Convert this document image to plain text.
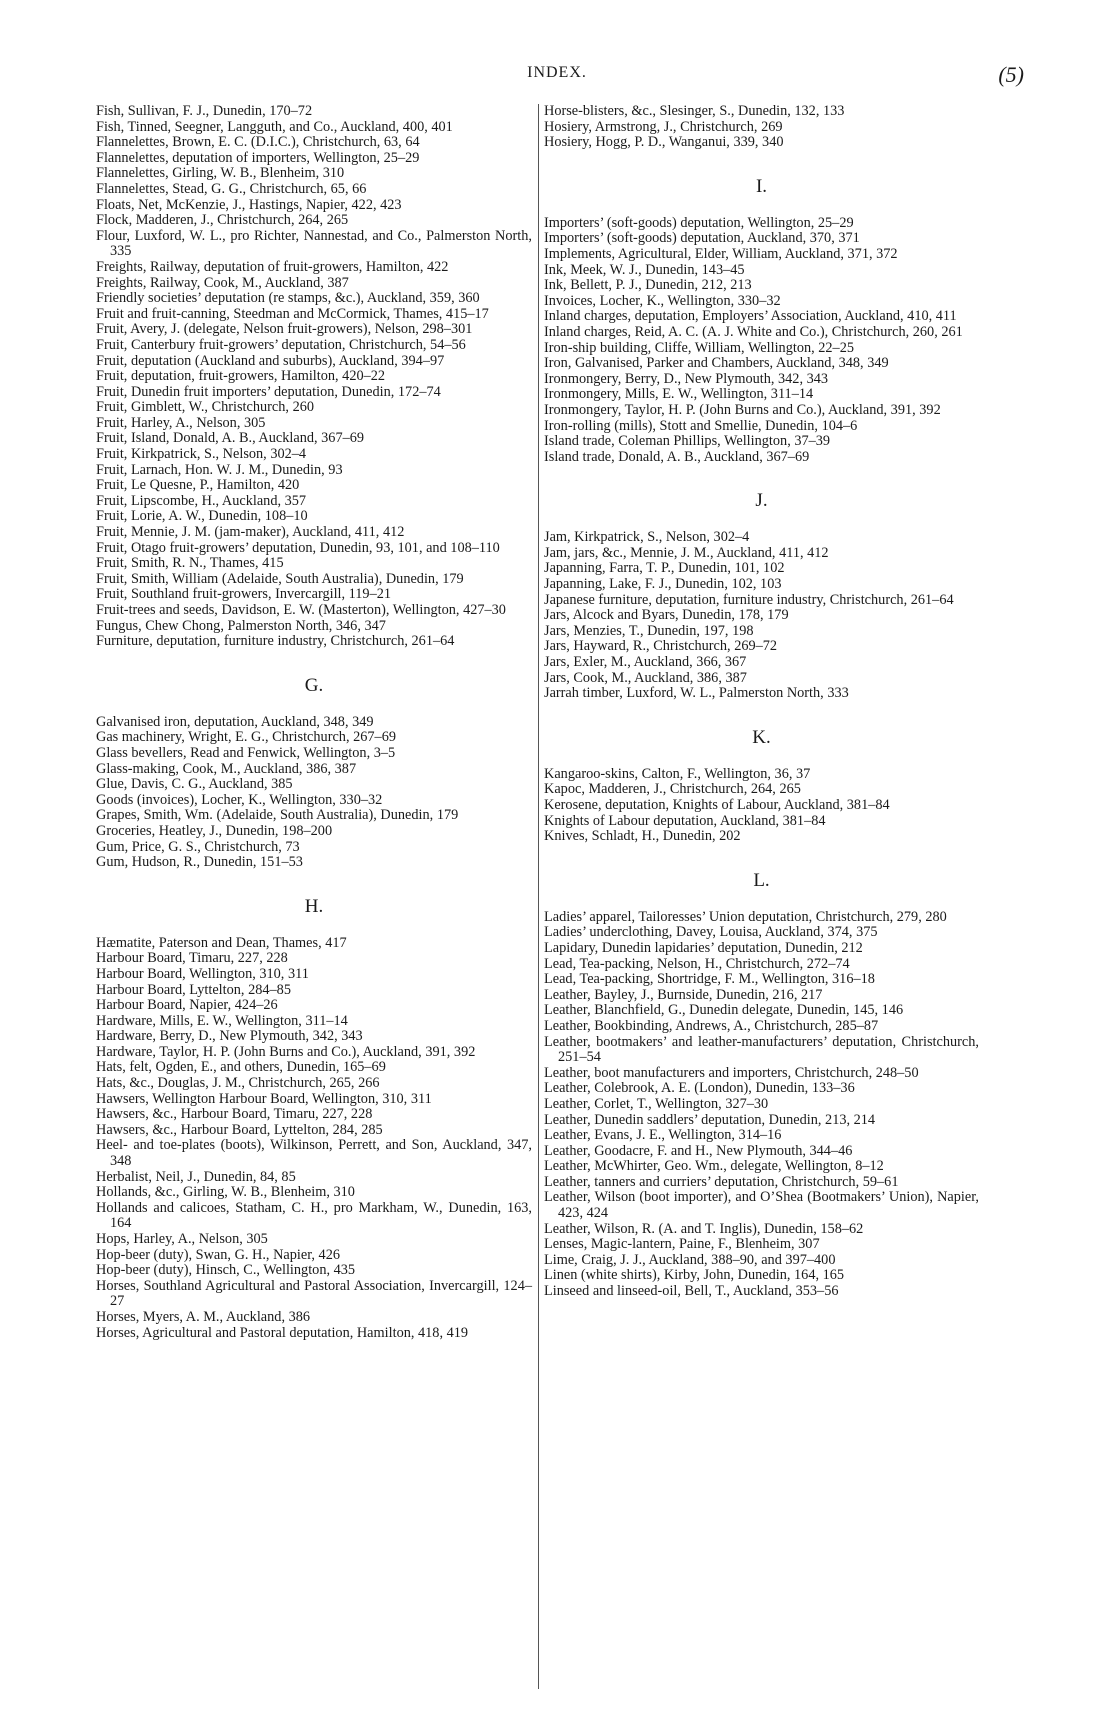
INDEX.	(5)

Fish, Sullivan, F. J., Dunedin, 170–72

Fish, Tinned, Seegner, Langguth, and Co., Auckland, 400, 401

Flannelettes, Brown, E. C. (D.I.C.), Christchurch, 63, 64

Flannelettes, deputation of importers, Wellington, 25–29

Flannelettes, Girling, W. B., Blenheim, 310

Flannelettes, Stead, G. G., Christchurch, 65, 66

Floats, Net, McKenzie, J., Hastings, Napier, 422, 423

Flock, Madderen, J., Christchurch, 264, 265

Flour, Luxford, W. L., pro Richter, Nannestad, and Co., Palmerston North, 335

Freights, Railway, deputation of fruit-growers, Hamilton, 422

Freights, Railway, Cook, M., Auckland, 387

Friendly societies’ deputation (re stamps, &c.), Auckland, 359, 360

Fruit and fruit-canning, Steedman and McCormick, Thames, 415–17

Fruit, Avery, J. (delegate, Nelson fruit-growers), Nelson, 298–301

Fruit, Canterbury fruit-growers’ deputation, Christchurch, 54–56

Fruit, deputation (Auckland and suburbs), Auckland, 394–97

Fruit, deputation, fruit-growers, Hamilton, 420–22

Fruit, Dunedin fruit importers’ deputation, Dunedin, 172–74

Fruit, Gimblett, W., Christchurch, 260

Fruit, Harley, A., Nelson, 305

Fruit, Island, Donald, A. B., Auckland, 367–69

Fruit, Kirkpatrick, S., Nelson, 302–4

Fruit, Larnach, Hon. W. J. M., Dunedin, 93

Fruit, Le Quesne, P., Hamilton, 420

Fruit, Lipscombe, H., Auckland, 357

Fruit, Lorie, A. W., Dunedin, 108–10

Fruit, Mennie, J. M. (jam-maker), Auckland, 411, 412

Fruit, Otago fruit-growers’ deputation, Dunedin, 93, 101, and 108–110

Fruit, Smith, R. N., Thames, 415

Fruit, Smith, William (Adelaide, South Australia), Dunedin, 179

Fruit, Southland fruit-growers, Invercargill, 119–21

Fruit-trees and seeds, Davidson, E. W. (Masterton), Wellington, 427–30

Fungus, Chew Chong, Palmerston North, 346, 347

Furniture, deputation, furniture industry, Christchurch, 261–64

G.

Galvanised iron, deputation, Auckland, 348, 349

Gas machinery, Wright, E. G., Christchurch, 267–69

Glass bevellers, Read and Fenwick, Wellington, 3–5

Glass-making, Cook, M., Auckland, 386, 387

Glue, Davis, C. G., Auckland, 385

Goods (invoices), Locher, K., Wellington, 330–32

Grapes, Smith, Wm. (Adelaide, South Australia), Dunedin, 179

Groceries, Heatley, J., Dunedin, 198–200

Gum, Price, G. S., Christchurch, 73

Gum, Hudson, R., Dunedin, 151–53

H.

Hæmatite, Paterson and Dean, Thames, 417

Harbour Board, Timaru, 227, 228

Harbour Board, Wellington, 310, 311

Harbour Board, Lyttelton, 284–85

Harbour Board, Napier, 424–26

Hardware, Mills, E. W., Wellington, 311–14

Hardware, Berry, D., New Plymouth, 342, 343

Hardware, Taylor, H. P. (John Burns and Co.), Auckland, 391, 392

Hats, felt, Ogden, E., and others, Dunedin, 165–69

Hats, &c., Douglas, J. M., Christchurch, 265, 266

Hawsers, Wellington Harbour Board, Wellington, 310, 311

Hawsers, &c., Harbour Board, Timaru, 227, 228

Hawsers, &c., Harbour Board, Lyttelton, 284, 285

Heel- and toe-plates (boots), Wilkinson, Perrett, and Son, Auckland, 347, 348

Herbalist, Neil, J., Dunedin, 84, 85

Hollands, &c., Girling, W. B., Blenheim, 310

Hollands and calicoes, Statham, C. H., pro Markham, W., Dunedin, 163, 164

Hops, Harley, A., Nelson, 305

Hop-beer (duty), Swan, G. H., Napier, 426

Hop-beer (duty), Hinsch, C., Wellington, 435

Horses, Southland Agricultural and Pastoral Association, Invercargill, 124–27

Horses, Myers, A. M., Auckland, 386

Horses, Agricultural and Pastoral deputation, Hamilton, 418, 419

Horse-blisters, &c., Slesinger, S., Dunedin, 132, 133

Hosiery, Armstrong, J., Christchurch, 269

Hosiery, Hogg, P. D., Wanganui, 339, 340

I.

Importers’ (soft-goods) deputation, Wellington, 25–29

Importers’ (soft-goods) deputation, Auckland, 370, 371

Implements, Agricultural, Elder, William, Auckland, 371, 372

Ink, Meek, W. J., Dunedin, 143–45

Ink, Bellett, P. J., Dunedin, 212, 213

Invoices, Locher, K., Wellington, 330–32

Inland charges, deputation, Employers’ Association, Auckland, 410, 411

Inland charges, Reid, A. C. (A. J. White and Co.), Christchurch, 260, 261

Iron-ship building, Cliffe, William, Wellington, 22–25

Iron, Galvanised, Parker and Chambers, Auckland, 348, 349

Ironmongery, Berry, D., New Plymouth, 342, 343

Ironmongery, Mills, E. W., Wellington, 311–14

Ironmongery, Taylor, H. P. (John Burns and Co.), Auckland, 391, 392

Iron-rolling (mills), Stott and Smellie, Dunedin, 104–6

Island trade, Coleman Phillips, Wellington, 37–39

Island trade, Donald, A. B., Auckland, 367–69

J.

Jam, Kirkpatrick, S., Nelson, 302–4

Jam, jars, &c., Mennie, J. M., Auckland, 411, 412

Japanning, Farra, T. P., Dunedin, 101, 102

Japanning, Lake, F. J., Dunedin, 102, 103

Japanese furniture, deputation, furniture industry, Christchurch, 261–64

Jars, Alcock and Byars, Dunedin, 178, 179

Jars, Menzies, T., Dunedin, 197, 198

Jars, Hayward, R., Christchurch, 269–72

Jars, Exler, M., Auckland, 366, 367

Jars, Cook, M., Auckland, 386, 387

Jarrah timber, Luxford, W. L., Palmerston North, 333

K.

Kangaroo-skins, Calton, F., Wellington, 36, 37

Kapoc, Madderen, J., Christchurch, 264, 265

Kerosene, deputation, Knights of Labour, Auckland, 381–84

Knights of Labour deputation, Auckland, 381–84

Knives, Schladt, H., Dunedin, 202

L.

Ladies’ apparel, Tailoresses’ Union deputation, Christchurch, 279, 280

Ladies’ underclothing, Davey, Louisa, Auckland, 374, 375

Lapidary, Dunedin lapidaries’ deputation, Dunedin, 212

Lead, Tea-packing, Nelson, H., Christchurch, 272–74

Lead, Tea-packing, Shortridge, F. M., Wellington, 316–18

Leather, Bayley, J., Burnside, Dunedin, 216, 217

Leather, Blanchfield, G., Dunedin delegate, Dunedin, 145, 146

Leather, Bookbinding, Andrews, A., Christchurch, 285–87

Leather, bootmakers’ and leather-manufacturers’ deputation, Christchurch, 251–54

Leather, boot manufacturers and importers, Christchurch, 248–50

Leather, Colebrook, A. E. (London), Dunedin, 133–36

Leather, Corlet, T., Wellington, 327–30

Leather, Dunedin saddlers’ deputation, Dunedin, 213, 214

Leather, Evans, J. E., Wellington, 314–16

Leather, Goodacre, F. and H., New Plymouth, 344–46

Leather, McWhirter, Geo. Wm., delegate, Wellington, 8–12

Leather, tanners and curriers’ deputation, Christchurch, 59–61

Leather, Wilson (boot importer), and O’Shea (Bootmakers’ Union), Napier, 423, 424

Leather, Wilson, R. (A. and T. Inglis), Dunedin, 158–62

Lenses, Magic-lantern, Paine, F., Blenheim, 307

Lime, Craig, J. J., Auckland, 388–90, and 397–400

Linen (white shirts), Kirby, John, Dunedin, 164, 165

Linseed and linseed-oil, Bell, T., Auckland, 353–56
